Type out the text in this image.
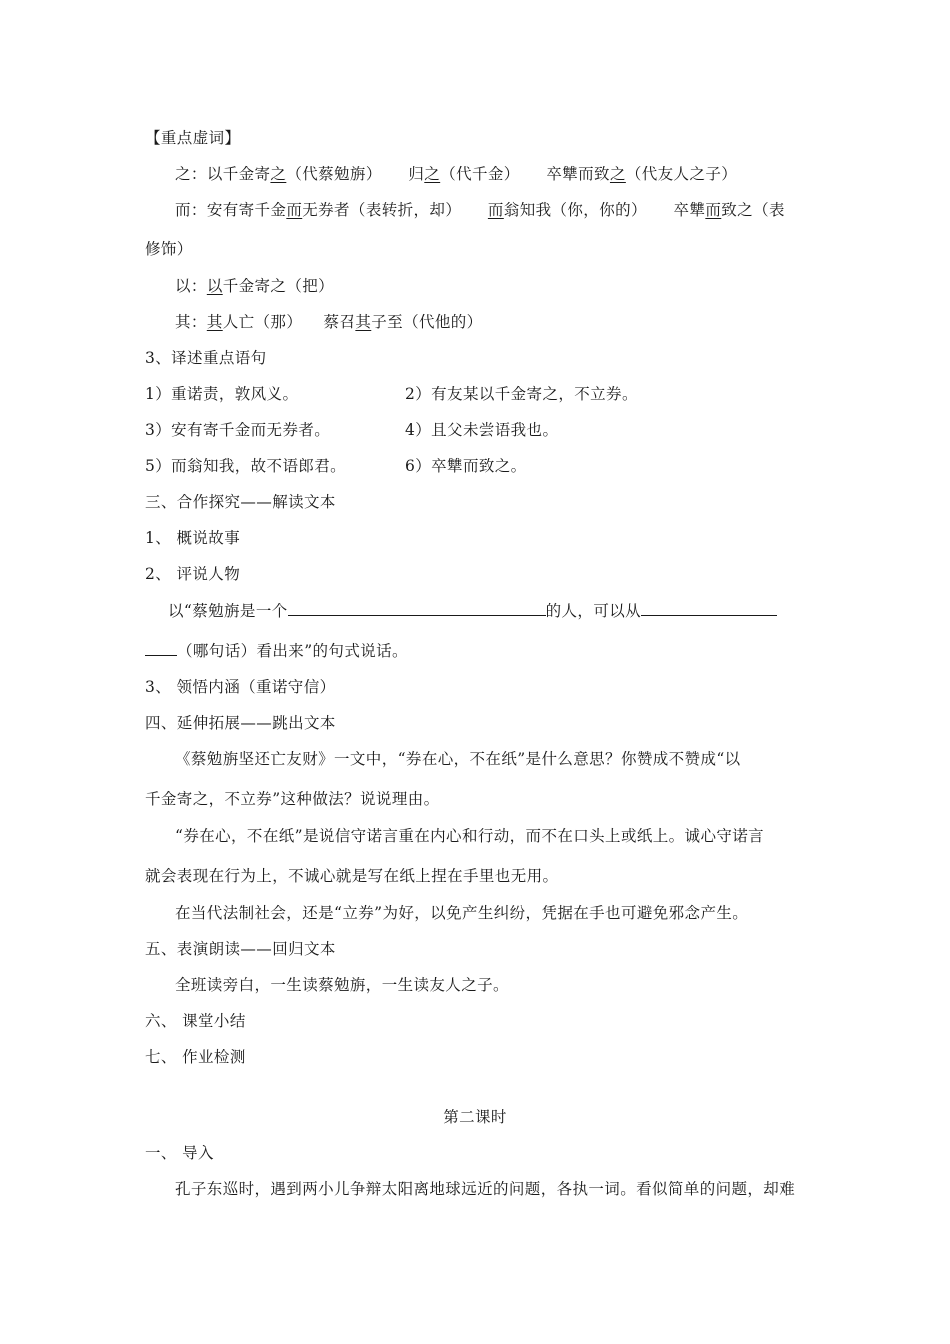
【重点虚词】
之：以千金寄之（代蔡勉旃） 归之（代千金） 卒犨而致之（代友人之子）
而：安有寄千金而无券者（表转折，却） 而翁知我（你，你的） 卒犨而致之（表
修饰）
以：以千金寄之（把）
其：其人亡（那） 蔡召其子至（代他的）
3、译述重点语句
1）重诺责，敦风义。	2）有友某以千金寄之，不立券。
3）安有寄千金而无券者。	4）且父未尝语我也。
5）而翁知我，故不语郎君。	6）卒犨而致之。
三、合作探究——解读文本
1、 概说故事
2、 评说人物
以“蔡勉旃是一个	的人，可以从
（哪句话）看出来”的句式说话。
3、 领悟内涵（重诺守信）
四、延伸拓展——跳出文本
《蔡勉旃坚还亡友财》一文中，“券在心，不在纸”是什么意思？你赞成不赞成“以
千金寄之，不立券”这种做法？说说理由。
“券在心，不在纸”是说信守诺言重在内心和行动，而不在口头上或纸上。诚心守诺言
就会表现在行为上，不诚心就是写在纸上捏在手里也无用。
在当代法制社会，还是“立券”为好，以免产生纠纷，凭据在手也可避免邪念产生。
五、表演朗读——回归文本
全班读旁白，一生读蔡勉旃，一生读友人之子。
六、 课堂小结
七、 作业检测
第二课时
一、 导入
孔子东巡时，遇到两小儿争辩太阳离地球远近的问题，各执一词。看似简单的问题，却难
